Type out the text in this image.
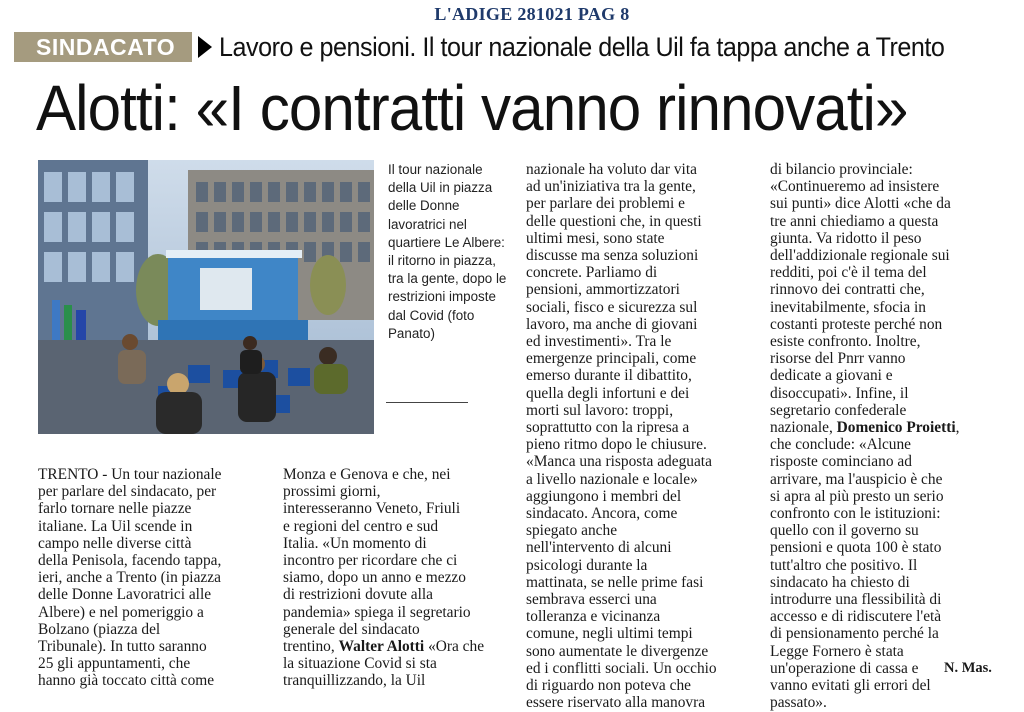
L'ADIGE 281021 PAG 8
SINDACATO	Lavoro e pensioni. Il tour nazionale della Uil fa tappa anche a Trento
Alotti: «I contratti vanno rinnovati»
Il tour nazionale della Uil in piazza delle Donne lavoratrici nel quartiere Le Albere: il ritorno in piazza, tra la gente, dopo le restrizioni imposte dal Covid (foto Panato)

TRENTO - Un tour nazionale
per parlare del sindacato, per
farlo tornare nelle piazze
italiane. La Uil scende in
campo nelle diverse città
della Penisola, facendo tappa,
ieri, anche a Trento (in piazza
delle Donne Lavoratrici alle
Albere) e nel pomeriggio a
Bolzano (piazza del
Tribunale). In tutto saranno
25 gli appuntamenti, che
hanno già toccato città come

Monza e Genova e che, nei
prossimi giorni,
interesseranno Veneto, Friuli
e regioni del centro e sud
Italia. «Un momento di
incontro per ricordare che ci
siamo, dopo un anno e mezzo
di restrizioni dovute alla
pandemia» spiega il segretario
generale del sindacato
trentino, Walter Alotti «Ora che
la situazione Covid si sta
tranquillizzando, la Uil

nazionale ha voluto dar vita
ad un'iniziativa tra la gente,
per parlare dei problemi e
delle questioni che, in questi
ultimi mesi, sono state
discusse ma senza soluzioni
concrete. Parliamo di
pensioni, ammortizzatori
sociali, fisco e sicurezza sul
lavoro, ma anche di giovani
ed investimenti». Tra le
emergenze principali, come
emerso durante il dibattito,
quella degli infortuni e dei
morti sul lavoro: troppi,
soprattutto con la ripresa a
pieno ritmo dopo le chiusure.
«Manca una risposta adeguata
a livello nazionale e locale»
aggiungono i membri del
sindacato. Ancora, come
spiegato anche
nell'intervento di alcuni
psicologi durante la
mattinata, se nelle prime fasi
sembrava esserci una
tolleranza e vicinanza
comune, negli ultimi tempi
sono aumentate le divergenze
ed i conflitti sociali. Un occhio
di riguardo non poteva che
essere riservato alla manovra

di bilancio provinciale:
«Continueremo ad insistere
sui punti» dice Alotti «che da
tre anni chiediamo a questa
giunta. Va ridotto il peso
dell'addizionale regionale sui
redditi, poi c'è il tema del
rinnovo dei contratti che,
inevitabilmente, sfocia in
costanti proteste perché non
esiste confronto. Inoltre,
risorse del Pnrr vanno
dedicate a giovani e
disoccupati». Infine, il
segretario confederale
nazionale, Domenico Proietti,
che conclude: «Alcune
risposte cominciano ad
arrivare, ma l'auspicio è che
si apra al più presto un serio
confronto con le istituzioni:
quello con il governo su
pensioni e quota 100 è stato
tutt'altro che positivo. Il
sindacato ha chiesto di
introdurre una flessibilità di
accesso e di ridiscutere l'età
di pensionamento perché la
Legge Fornero è stata
un'operazione di cassa e
vanno evitati gli errori del
passato».

N. Mas.
